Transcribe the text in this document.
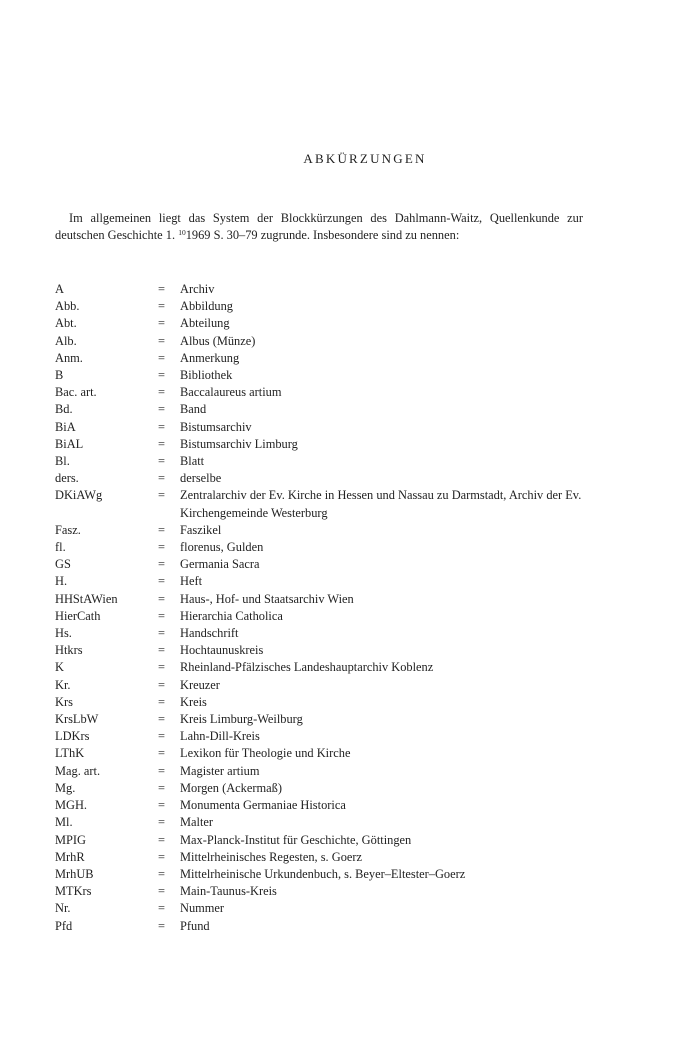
ABKÜRZUNGEN
Im allgemeinen liegt das System der Blockkürzungen des Dahlmann-Waitz, Quellenkunde zur deutschen Geschichte 1. $^{10}$1969 S. 30–79 zugrunde. Insbesondere sind zu nennen:
A	=	Archiv
Abb.	=	Abbildung
Abt.	=	Abteilung
Alb.	=	Albus (Münze)
Anm.	=	Anmerkung
B	=	Bibliothek
Bac. art.	=	Baccalaureus artium
Bd.	=	Band
BiA	=	Bistumsarchiv
BiAL	=	Bistumsarchiv Limburg
Bl.	=	Blatt
ders.	=	derselbe
DKiAWg	=	Zentralarchiv der Ev. Kirche in Hessen und Nassau zu Darmstadt, Archiv der Ev. Kirchengemeinde Westerburg
Fasz.	=	Faszikel
fl.	=	florenus, Gulden
GS	=	Germania Sacra
H.	=	Heft
HHStAWien	=	Haus-, Hof- und Staatsarchiv Wien
HierCath	=	Hierarchia Catholica
Hs.	=	Handschrift
Htkrs	=	Hochtaunuskreis
K	=	Rheinland-Pfälzisches Landeshauptarchiv Koblenz
Kr.	=	Kreuzer
Krs	=	Kreis
KrsLbW	=	Kreis Limburg-Weilburg
LDKrs	=	Lahn-Dill-Kreis
LThK	=	Lexikon für Theologie und Kirche
Mag. art.	=	Magister artium
Mg.	=	Morgen (Ackermaß)
MGH.	=	Monumenta Germaniae Historica
Ml.	=	Malter
MPIG	=	Max-Planck-Institut für Geschichte, Göttingen
MrhR	=	Mittelrheinisches Regesten, s. Goerz
MrhUB	=	Mittelrheinische Urkundenbuch, s. Beyer–Eltester–Goerz
MTKrs	=	Main-Taunus-Kreis
Nr.	=	Nummer
Pfd	=	Pfund
